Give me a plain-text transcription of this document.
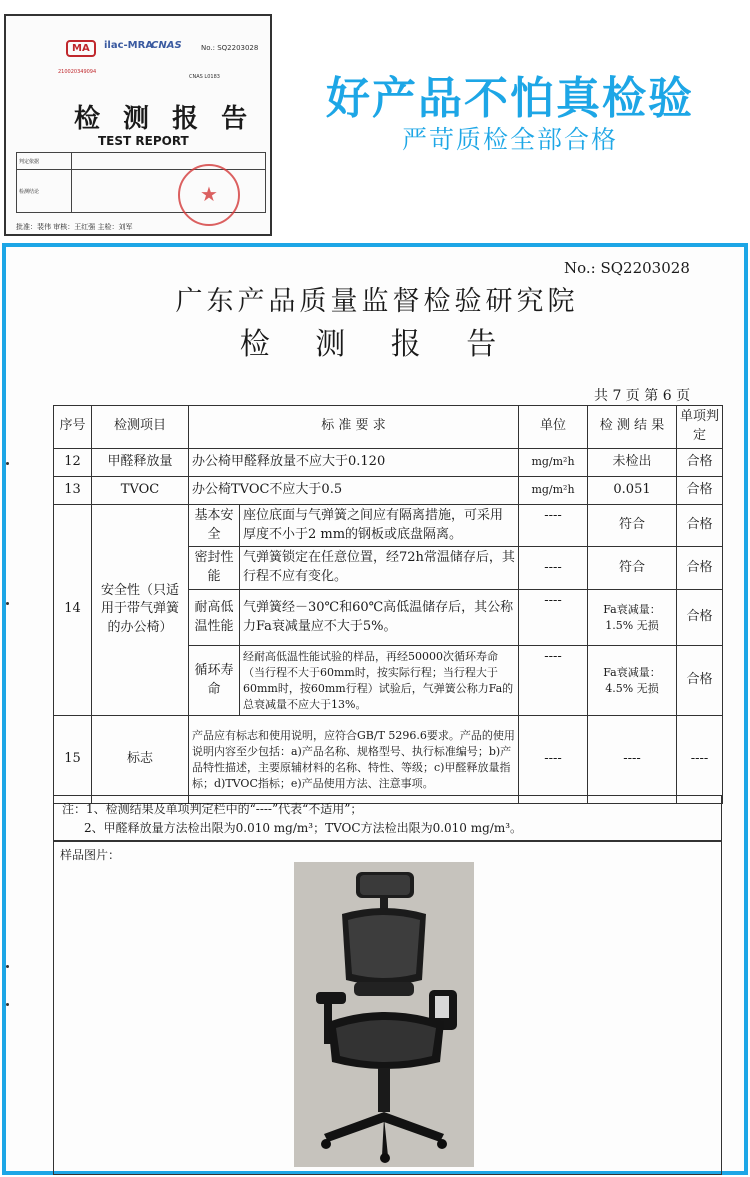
MA	ilac-MRA
CNAS
210020349094
No.: SQ2203028
CNAS L0183
检 测 报 告
TEST REPORT
判定依据	
检测结论		★
批准：裴伟 审核：王红强 主检：刘军
好产品不怕真检验
严苛质检全部合格
No.: SQ2203028
广东产品质量监督检验研究院
检 测 报 告
共 7 页 第 6 页
序号	检测项目	标 准 要 求		单位	检 测 结 果	单项判定
12	甲醛释放量	办公椅甲醛释放量不应大于0.120		mg/m²h	未检出	合格
13	TVOC	办公椅TVOC不应大于0.5		mg/m²h	0.051	合格
14	安全性（只适用于带气弹簧的办公椅）	基本安全	座位底面与气弹簧之间应有隔离措施，可采用厚度不小于2 mm的钢板或底盘隔离。	----	符合	合格
		密封性能	气弹簧锁定在任意位置，经72h常温储存后，其行程不应有变化。	----	符合	合格
		耐高低温性能	气弹簧经－30℃和60℃高低温储存后，其公称力Fa衰减量应不大于5%。	----	Fa衰减量：1.5% 无损	合格
		循环寿命	经耐高低温性能试验的样品，再经50000次循环寿命（当行程不大于60mm时，按实际行程；当行程大于60mm时，按60mm行程）试验后，气弹簧公称力Fa的总衰减量不应大于13%。	----	Fa衰减量：4.5% 无损	合格
15	标志	产品应有标志和使用说明，应符合GB/T 5296.6要求。产品的使用说明内容至少包括：a)产品名称、规格型号、执行标准编号；b)产品特性描述，主要原辅材料的名称、特性、等级；c)甲醛释放量指标；d)TVOC指标；e)产品使用方法、注意事项。		----	----	----
注：1、检测结果及单项判定栏中的“----”代表“不适用”；
2、甲醛释放量方法检出限为0.010 mg/m³；TVOC方法检出限为0.010 mg/m³。
样品图片：
